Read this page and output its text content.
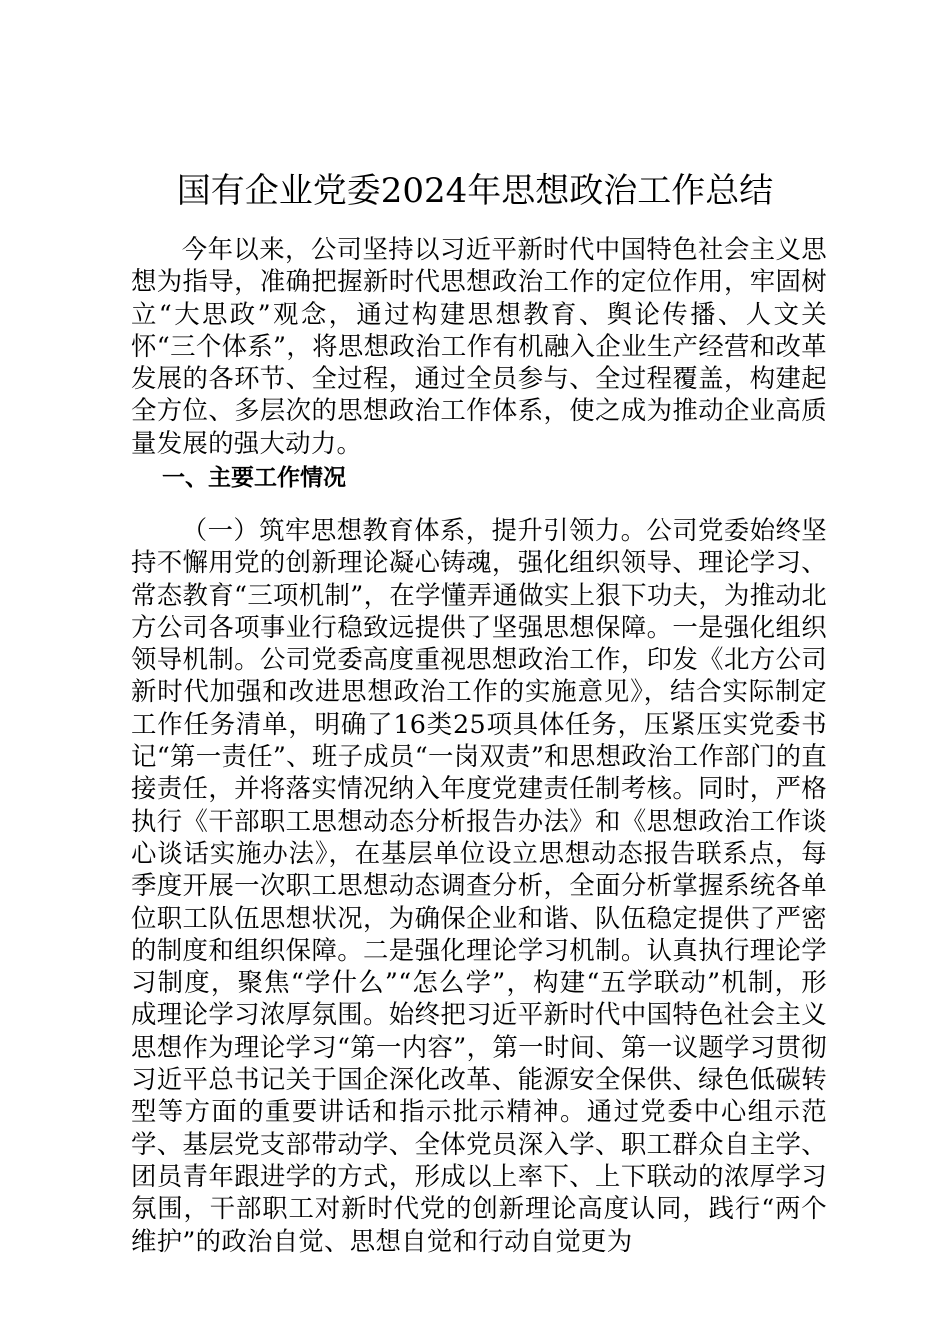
国有企业党委2024年思想政治工作总结

今年以来，公司坚持以习近平新时代中国特色社会主义思想为指导，准确把握新时代思想政治工作的定位作用，牢固树立“大思政”观念，通过构建思想教育、舆论传播、人文关怀“三个体系”，将思想政治工作有机融入企业生产经营和改革发展的各环节、全过程，通过全员参与、全过程覆盖，构建起全方位、多层次的思想政治工作体系，使之成为推动企业高质量发展的强大动力。

一、主要工作情况

（一）筑牢思想教育体系，提升引领力。公司党委始终坚持不懈用党的创新理论凝心铸魂，强化组织领导、理论学习、常态教育“三项机制”，在学懂弄通做实上狠下功夫，为推动北方公司各项事业行稳致远提供了坚强思想保障。一是强化组织领导机制。公司党委高度重视思想政治工作，印发《北方公司新时代加强和改进思想政治工作的实施意见》，结合实际制定工作任务清单，明确了16类25项具体任务，压紧压实党委书记“第一责任”、班子成员“一岗双责”和思想政治工作部门的直接责任，并将落实情况纳入年度党建责任制考核。同时，严格执行《干部职工思想动态分析报告办法》和《思想政治工作谈心谈话实施办法》，在基层单位设立思想动态报告联系点，每季度开展一次职工思想动态调查分析，全面分析掌握系统各单位职工队伍思想状况，为确保企业和谐、队伍稳定提供了严密的制度和组织保障。二是强化理论学习机制。认真执行理论学习制度，聚焦“学什么”“怎么学”，构建“五学联动”机制，形成理论学习浓厚氛围。始终把习近平新时代中国特色社会主义思想作为理论学习“第一内容”，第一时间、第一议题学习贯彻习近平总书记关于国企深化改革、能源安全保供、绿色低碳转型等方面的重要讲话和指示批示精神。通过党委中心组示范学、基层党支部带动学、全体党员深入学、职工群众自主学、团员青年跟进学的方式，形成以上率下、上下联动的浓厚学习氛围，干部职工对新时代党的创新理论高度认同，践行“两个维护”的政治自觉、思想自觉和行动自觉更为
